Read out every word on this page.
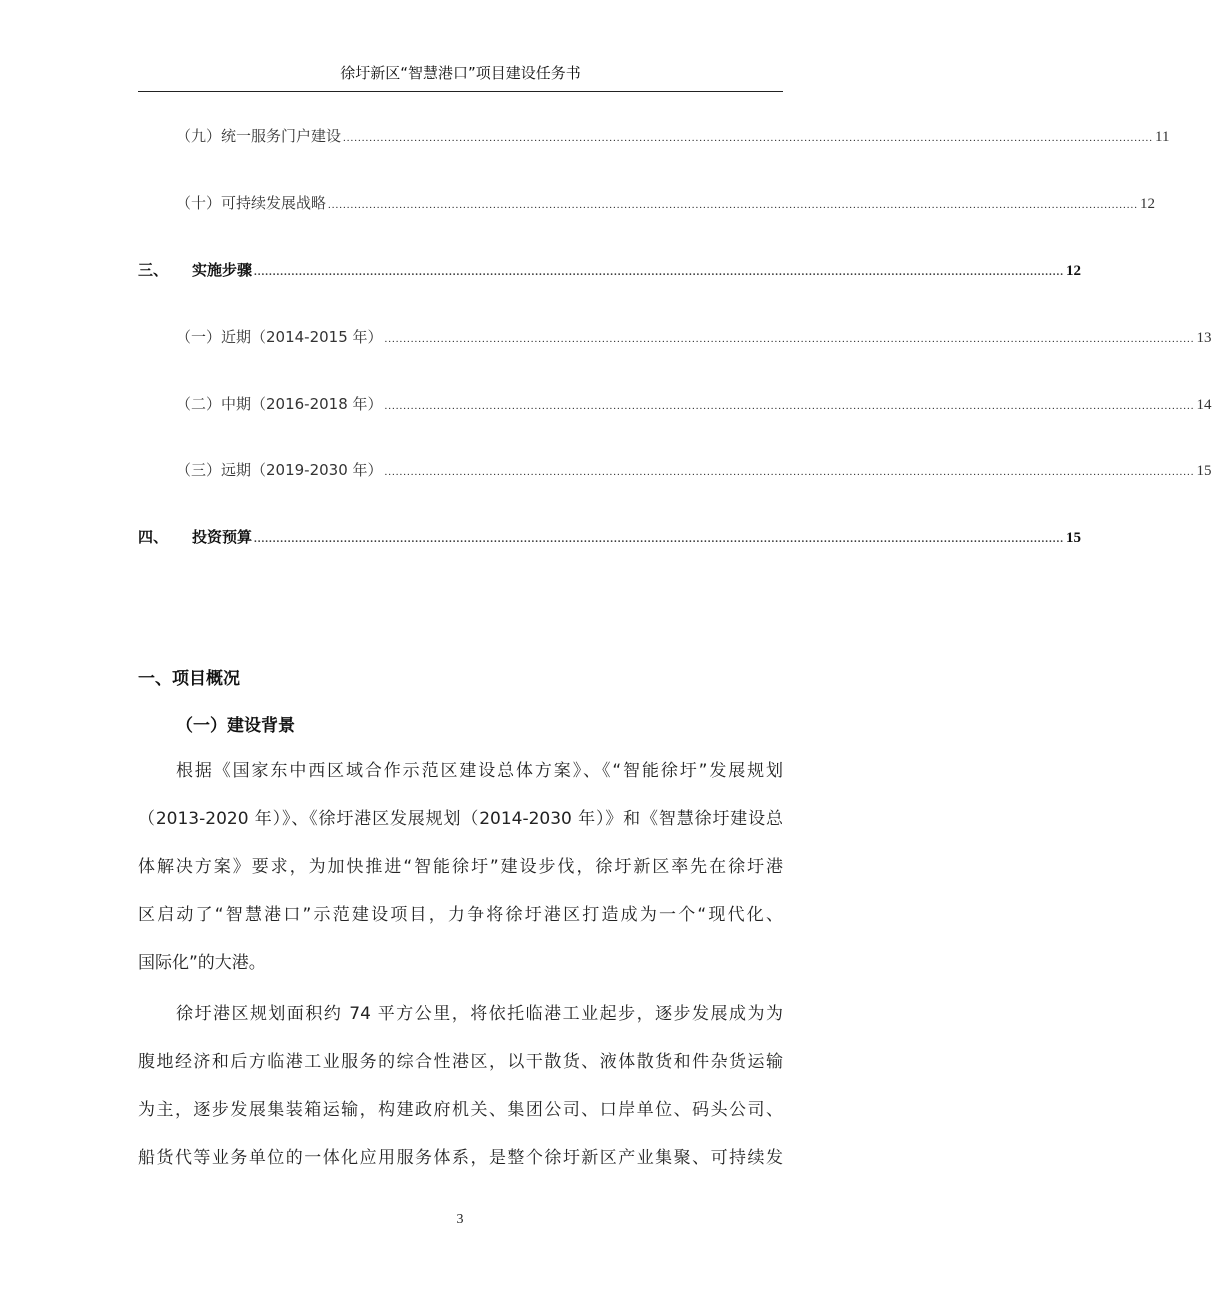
徐圩新区“智慧港口”项目建设任务书
（九）统一服务门户建设 ........................................................................................................................................................................................................................ 11
（十）可持续发展战略 ........................................................................................................................................................................................................................ 12
三、 实施步骤 ........................................................................................................................................................................................................................ 12
（一）近期（2014-2015 年） ........................................................................................................................................................................................................................ 13
（二）中期（2016-2018 年） ........................................................................................................................................................................................................................ 14
（三）远期（2019-2030 年） ........................................................................................................................................................................................................................ 15
四、 投资预算 ........................................................................................................................................................................................................................ 15
一、项目概况
（一）建设背景
根据《国家东中西区域合作示范区建设总体方案》、《“智能徐圩”发展规划
（2013-2020 年）》、《徐圩港区发展规划（2014-2030 年）》和《智慧徐圩建设总
体解决方案》要求，为加快推进“智能徐圩”建设步伐，徐圩新区率先在徐圩港
区启动了“智慧港口”示范建设项目，力争将徐圩港区打造成为一个“现代化、
国际化”的大港。
徐圩港区规划面积约 74 平方公里，将依托临港工业起步，逐步发展成为为
腹地经济和后方临港工业服务的综合性港区，以干散货、液体散货和件杂货运输
为主，逐步发展集装箱运输，构建政府机关、集团公司、口岸单位、码头公司、
船货代等业务单位的一体化应用服务体系，是整个徐圩新区产业集聚、可持续发
3
